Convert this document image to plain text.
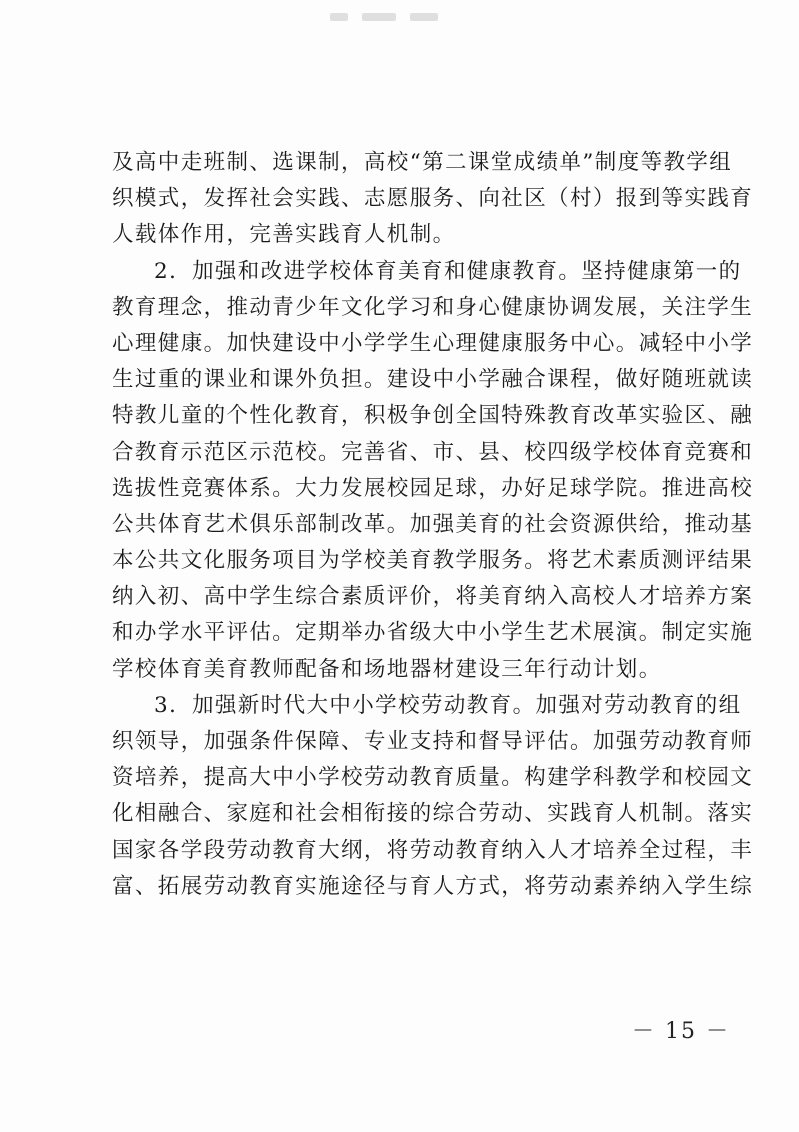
及高中走班制、选课制，高校“第二课堂成绩单”制度等教学组
织模式，发挥社会实践、志愿服务、向社区（村）报到等实践育
人载体作用，完善实践育人机制。
2．加强和改进学校体育美育和健康教育。坚持健康第一的
教育理念，推动青少年文化学习和身心健康协调发展，关注学生
心理健康。加快建设中小学学生心理健康服务中心。减轻中小学
生过重的课业和课外负担。建设中小学融合课程，做好随班就读
特教儿童的个性化教育，积极争创全国特殊教育改革实验区、融
合教育示范区示范校。完善省、市、县、校四级学校体育竞赛和
选拔性竞赛体系。大力发展校园足球，办好足球学院。推进高校
公共体育艺术俱乐部制改革。加强美育的社会资源供给，推动基
本公共文化服务项目为学校美育教学服务。将艺术素质测评结果
纳入初、高中学生综合素质评价，将美育纳入高校人才培养方案
和办学水平评估。定期举办省级大中小学生艺术展演。制定实施
学校体育美育教师配备和场地器材建设三年行动计划。
3．加强新时代大中小学校劳动教育。加强对劳动教育的组
织领导，加强条件保障、专业支持和督导评估。加强劳动教育师
资培养，提高大中小学校劳动教育质量。构建学科教学和校园文
化相融合、家庭和社会相衔接的综合劳动、实践育人机制。落实
国家各学段劳动教育大纲，将劳动教育纳入人才培养全过程，丰
富、拓展劳动教育实施途径与育人方式，将劳动素养纳入学生综
－ 15 －
